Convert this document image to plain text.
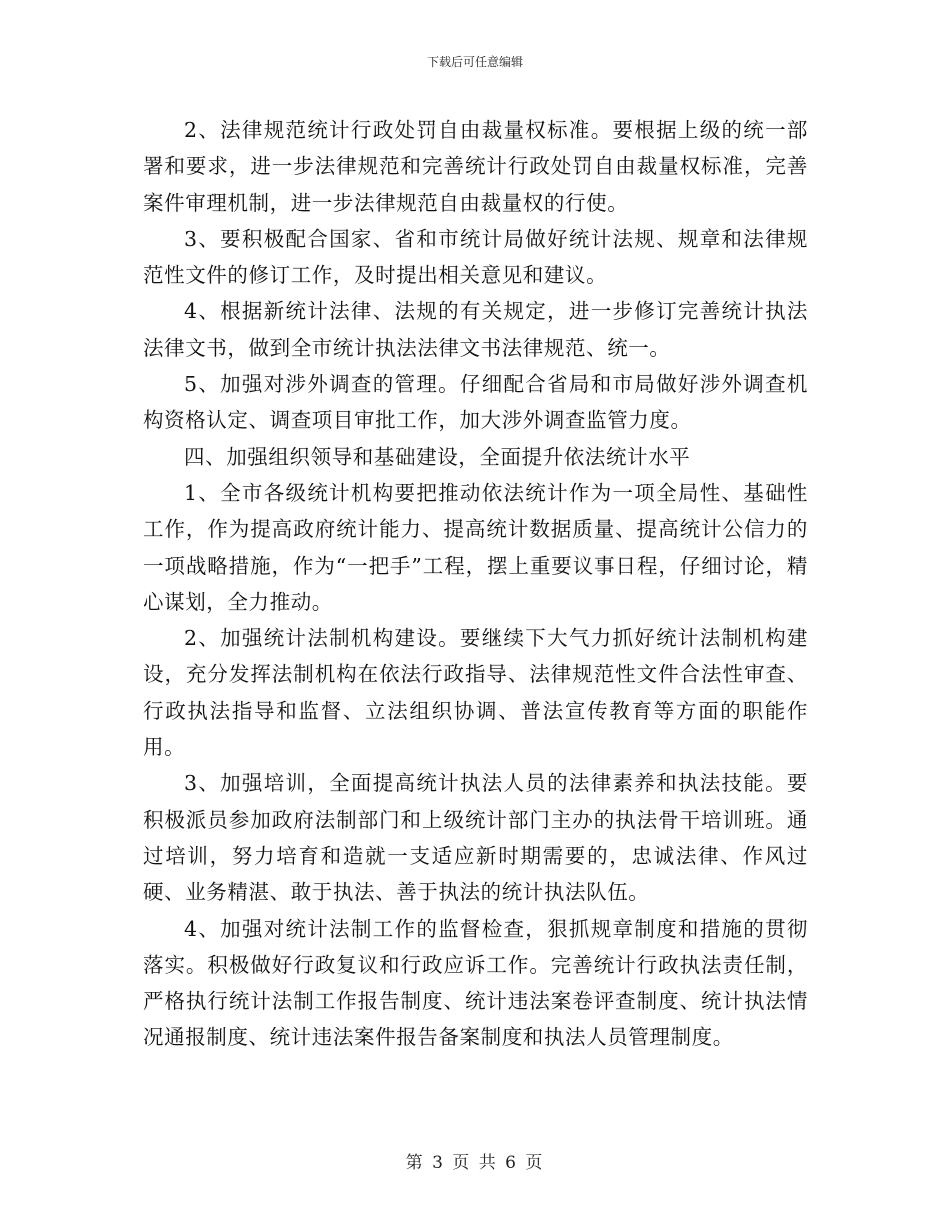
下载后可任意编辑

2、法律规范统计行政处罚自由裁量权标准。要根据上级的统一部署和要求，进一步法律规范和完善统计行政处罚自由裁量权标准，完善案件审理机制，进一步法律规范自由裁量权的行使。

3、要积极配合国家、省和市统计局做好统计法规、规章和法律规范性文件的修订工作，及时提出相关意见和建议。

4、根据新统计法律、法规的有关规定，进一步修订完善统计执法法律文书，做到全市统计执法法律文书法律规范、统一。

5、加强对涉外调查的管理。仔细配合省局和市局做好涉外调查机构资格认定、调查项目审批工作，加大涉外调查监管力度。

四、加强组织领导和基础建设，全面提升依法统计水平

1、全市各级统计机构要把推动依法统计作为一项全局性、基础性工作，作为提高政府统计能力、提高统计数据质量、提高统计公信力的一项战略措施，作为“一把手”工程，摆上重要议事日程，仔细讨论，精心谋划，全力推动。

2、加强统计法制机构建设。要继续下大气力抓好统计法制机构建设，充分发挥法制机构在依法行政指导、法律规范性文件合法性审查、行政执法指导和监督、立法组织协调、普法宣传教育等方面的职能作用。

3、加强培训，全面提高统计执法人员的法律素养和执法技能。要积极派员参加政府法制部门和上级统计部门主办的执法骨干培训班。通过培训，努力培育和造就一支适应新时期需要的，忠诚法律、作风过硬、业务精湛、敢于执法、善于执法的统计执法队伍。

4、加强对统计法制工作的监督检查，狠抓规章制度和措施的贯彻落实。积极做好行政复议和行政应诉工作。完善统计行政执法责任制，严格执行统计法制工作报告制度、统计违法案卷评查制度、统计执法情况通报制度、统计违法案件报告备案制度和执法人员管理制度。

第 3 页 共 6 页
